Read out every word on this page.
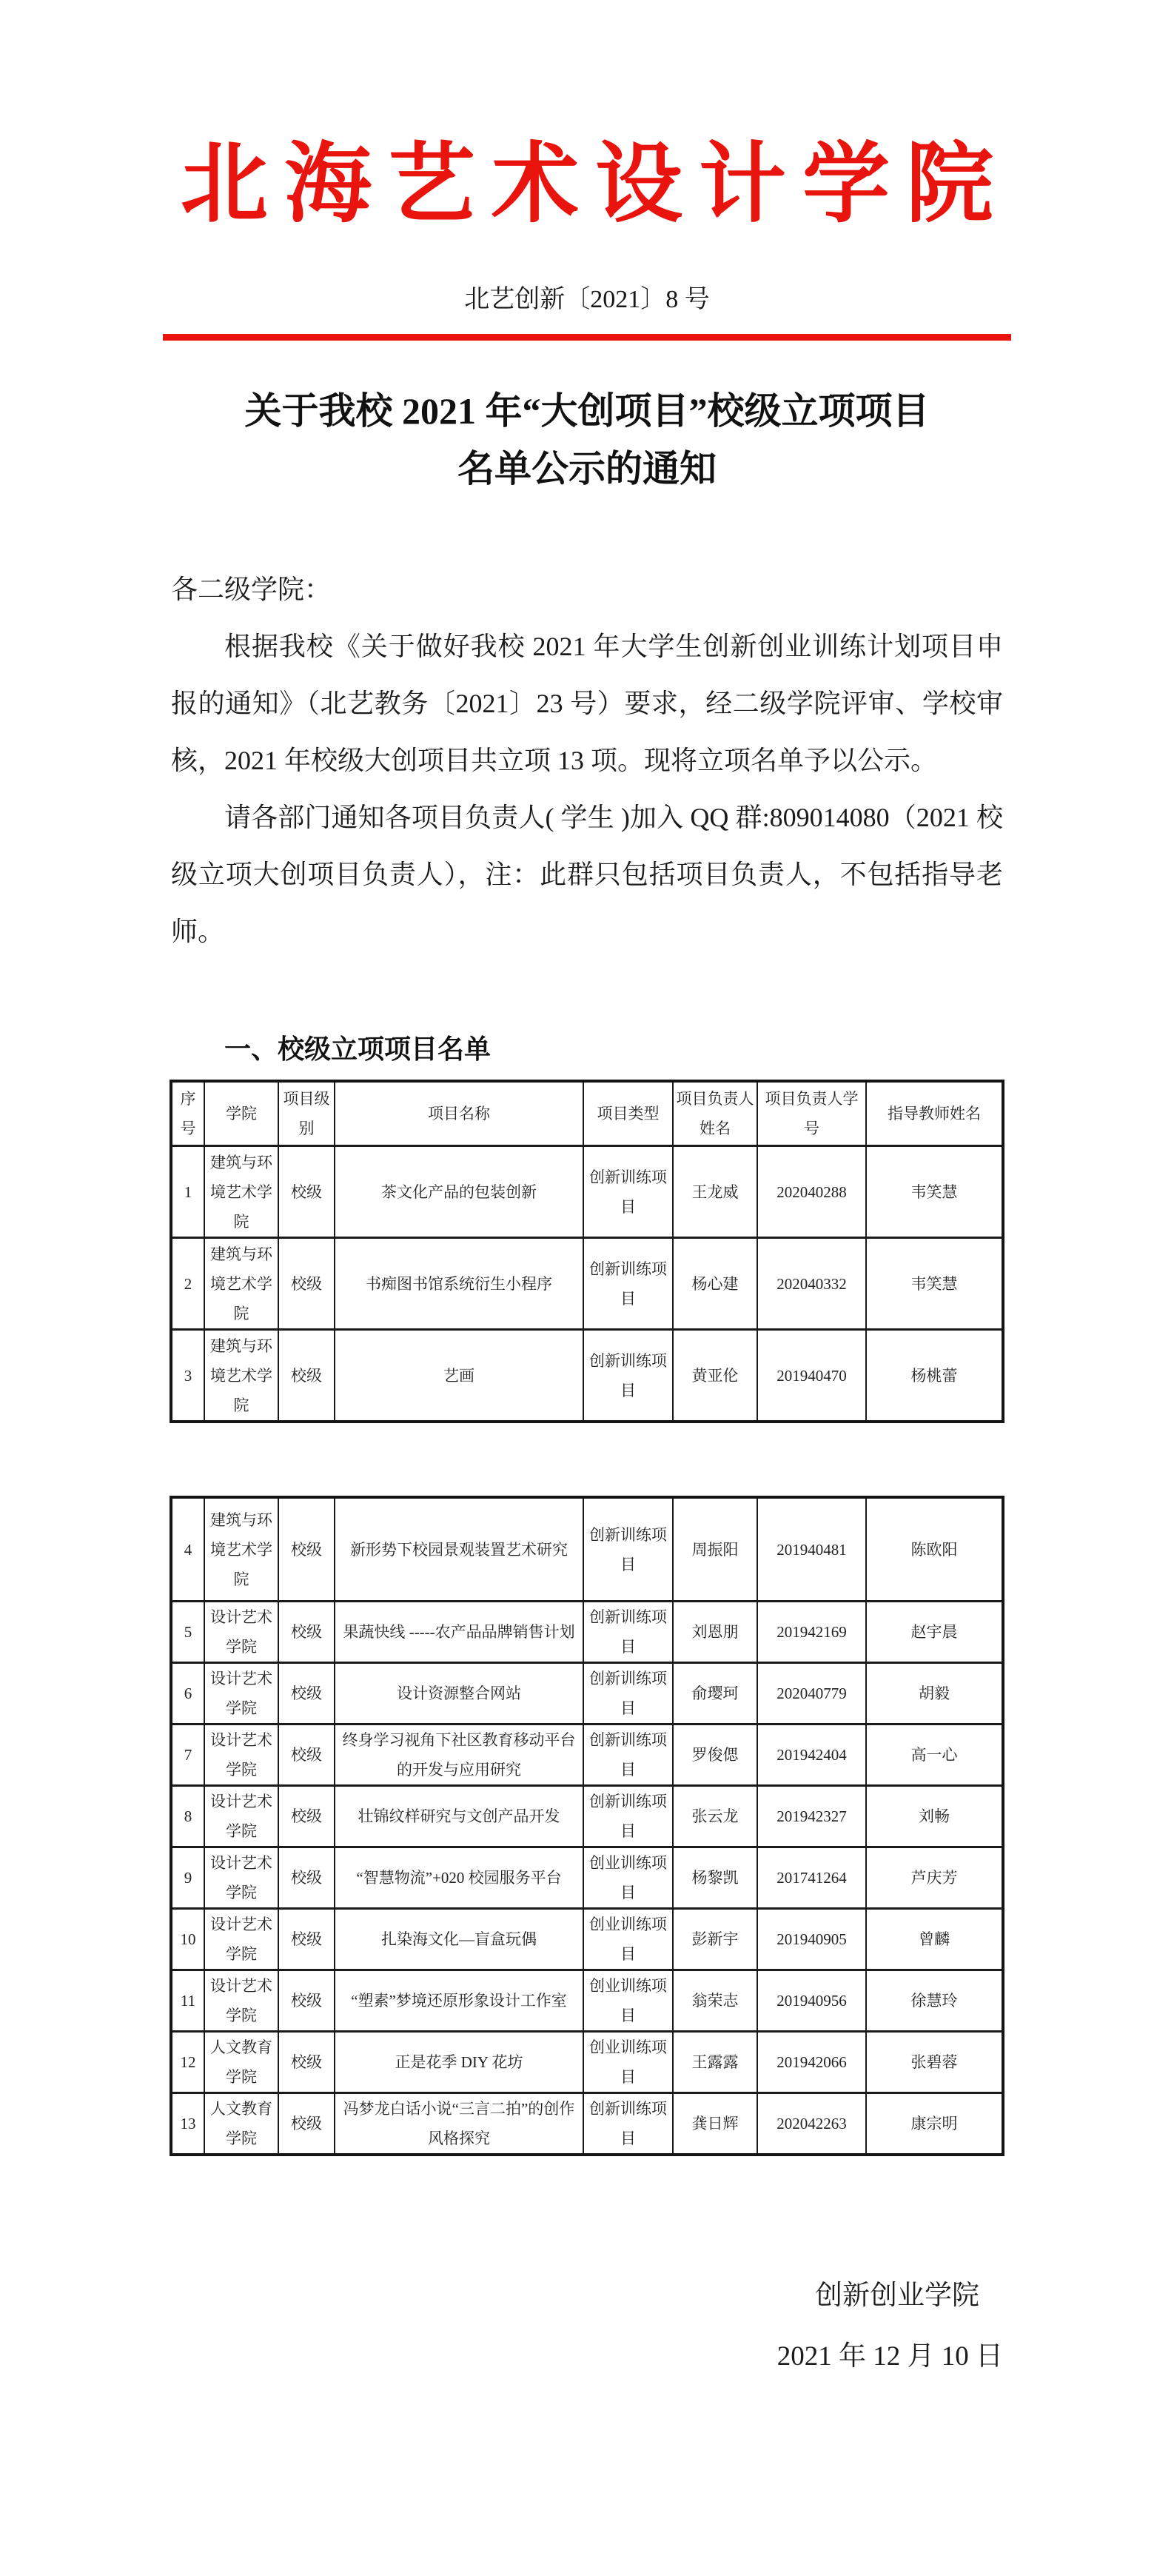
北海艺术设计学院
北艺创新〔2021〕8 号
关于我校 2021 年“大创项目”校级立项项目
名单公示的通知

各二级学院：

根据我校《关于做好我校 2021 年大学生创新创业训练计划项目申报的通知》（北艺教务〔2021〕23 号）要求，经二级学院评审、学校审核，2021 年校级大创项目共立项 13 项。现将立项名单予以公示。

请各部门通知各项目负责人( 学生 )加入 QQ 群:809014080（2021 校级立项大创项目负责人），注：此群只包括项目负责人，不包括指导老师。

一、校级立项项目名单
序号	学院	项目级别	项目名称	项目类型	项目负责人姓名	项目负责人学号	指导教师姓名
1	建筑与环境艺术学院	校级	茶文化产品的包装创新	创新训练项目	王龙威	202040288	韦笑慧
2	建筑与环境艺术学院	校级	书痴图书馆系统衍生小程序	创新训练项目	杨心建	202040332	韦笑慧
3	建筑与环境艺术学院	校级	艺画	创新训练项目	黄亚伦	201940470	杨桃蕾
4	建筑与环境艺术学院	校级	新形势下校园景观装置艺术研究	创新训练项目	周振阳	201940481	陈欧阳
5	设计艺术学院	校级	果蔬快线 -----农产品品牌销售计划	创新训练项目	刘恩朋	201942169	赵宇晨
6	设计艺术学院	校级	设计资源整合网站	创新训练项目	俞璎珂	202040779	胡毅
7	设计艺术学院	校级	终身学习视角下社区教育移动平台的开发与应用研究	创新训练项目	罗俊偲	201942404	高一心
8	设计艺术学院	校级	壮锦纹样研究与文创产品开发	创新训练项目	张云龙	201942327	刘畅
9	设计艺术学院	校级	“智慧物流”+020 校园服务平台	创业训练项目	杨黎凯	201741264	芦庆芳
10	设计艺术学院	校级	扎染海文化—盲盒玩偶	创业训练项目	彭新宇	201940905	曾麟
11	设计艺术学院	校级	“塑素”梦境还原形象设计工作室	创业训练项目	翁荣志	201940956	徐慧玲
12	人文教育学院	校级	正是花季 DIY 花坊	创业训练项目	王露露	201942066	张碧蓉
13	人文教育学院	校级	冯梦龙白话小说“三言二拍”的创作风格探究	创新训练项目	龚日辉	202042263	康宗明
创新创业学院
2021 年 12 月 10 日
